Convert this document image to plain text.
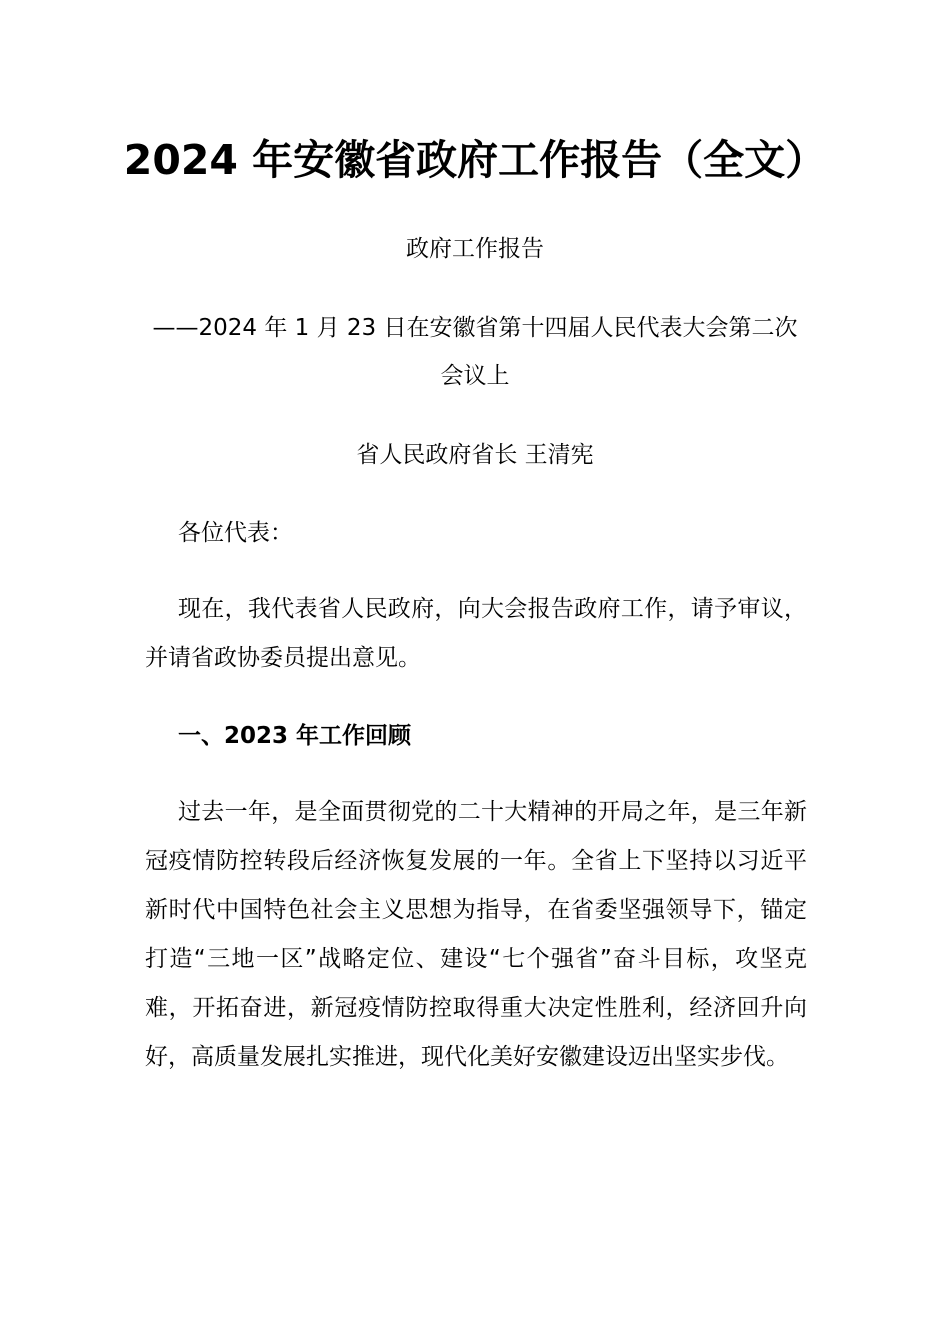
2024 年安徽省政府工作报告（全文）
政府工作报告
——2024 年 1 月 23 日在安徽省第十四届人民代表大会第二次
会议上
省人民政府省长 王清宪

各位代表：

现在，我代表省人民政府，向大会报告政府工作，请予审议，并请省政协委员提出意见。

一、2023 年工作回顾

过去一年，是全面贯彻党的二十大精神的开局之年，是三年新冠疫情防控转段后经济恢复发展的一年。全省上下坚持以习近平新时代中国特色社会主义思想为指导，在省委坚强领导下，锚定打造“三地一区”战略定位、建设“七个强省”奋斗目标，攻坚克难，开拓奋进，新冠疫情防控取得重大决定性胜利，经济回升向好，高质量发展扎实推进，现代化美好安徽建设迈出坚实步伐。
